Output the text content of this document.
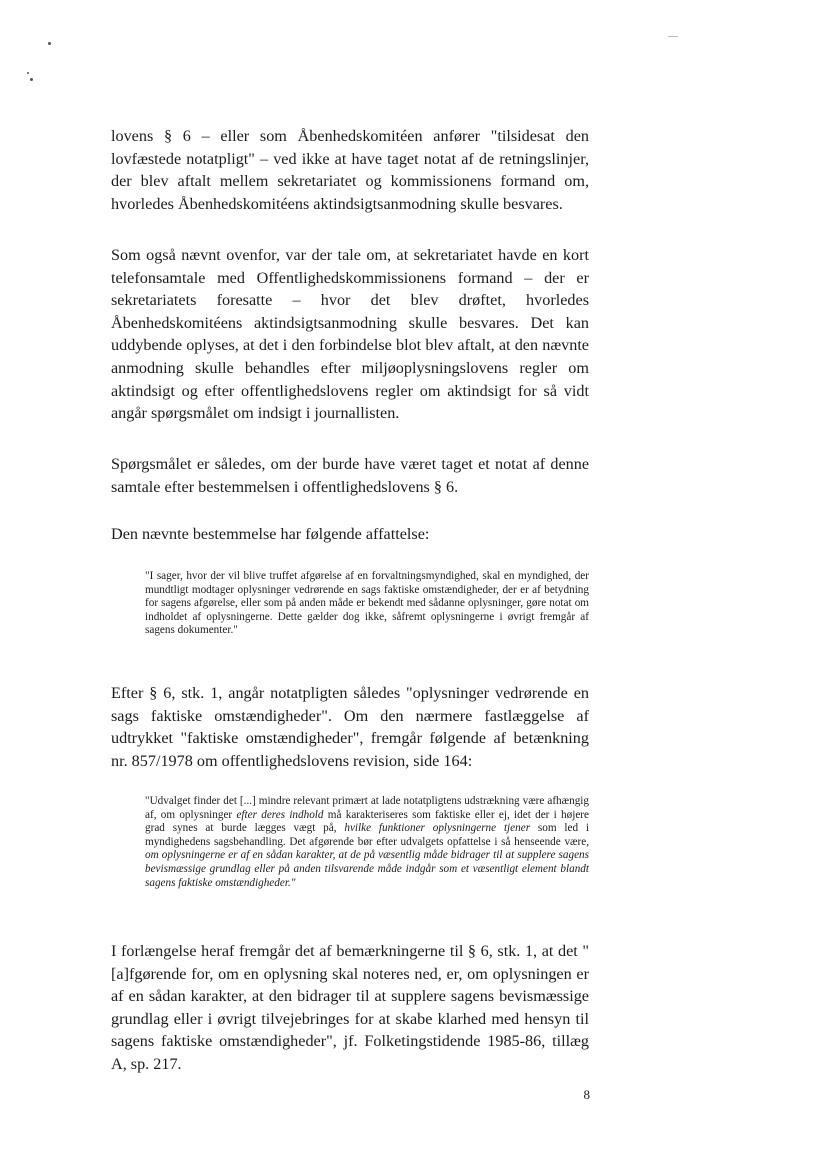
lovens § 6 – eller som Åbenhedskomitéen anfører "tilsidesat den lovfæstede notatpligt" – ved ikke at have taget notat af de retningslinjer, der blev aftalt mellem sekretariatet og kommissionens formand om, hvorledes Åbenhedskomitéens aktindsigtsanmodning skulle besvares.

Som også nævnt ovenfor, var der tale om, at sekretariatet havde en kort telefonsamtale med Offentlighedskommissionens formand – der er sekretariatets foresatte – hvor det blev drøftet, hvorledes Åbenhedskomitéens aktindsigtsanmodning skulle besvares. Det kan uddybende oplyses, at det i den forbindelse blot blev aftalt, at den nævnte anmodning skulle behandles efter miljøoplysningslovens regler om aktindsigt og efter offentlighedslovens regler om aktindsigt for så vidt angår spørgsmålet om indsigt i journallisten.

Spørgsmålet er således, om der burde have været taget et notat af denne samtale efter bestemmelsen i offentlighedslovens § 6.

Den nævnte bestemmelse har følgende affattelse:

"I sager, hvor der vil blive truffet afgørelse af en forvaltningsmyndighed, skal en myndighed, der mundtligt modtager oplysninger vedrørende en sags faktiske omstændigheder, der er af betydning for sagens afgørelse, eller som på anden måde er bekendt med sådanne oplysninger, gøre notat om indholdet af oplysningerne. Dette gælder dog ikke, såfremt oplysningerne i øvrigt fremgår af sagens dokumenter."

Efter § 6, stk. 1, angår notatpligten således "oplysninger vedrørende en sags faktiske omstændigheder". Om den nærmere fastlæggelse af udtrykket "faktiske omstændigheder", fremgår følgende af betænkning nr. 857/1978 om offentlighedslovens revision, side 164:

"Udvalget finder det [...] mindre relevant primært at lade notatpligtens udstrækning være afhængig af, om oplysninger efter deres indhold må karakteriseres som faktiske eller ej, idet der i højere grad synes at burde lægges vægt på, hvilke funktioner oplysningerne tjener som led i myndighedens sagsbehandling. Det afgørende bør efter udvalgets opfattelse i så henseende være, om oplysningerne er af en sådan karakter, at de på væsentlig måde bidrager til at supplere sagens bevismæssige grundlag eller på anden tilsvarende måde indgår som et væsentligt element blandt sagens faktiske omstændigheder."

I forlængelse heraf fremgår det af bemærkningerne til § 6, stk. 1, at det "[a]fgørende for, om en oplysning skal noteres ned, er, om oplysningen er af en sådan karakter, at den bidrager til at supplere sagens bevismæssige grundlag eller i øvrigt tilvejebringes for at skabe klarhed med hensyn til sagens faktiske omstændigheder", jf. Folketingstidende 1985-86, tillæg A, sp. 217.

8
